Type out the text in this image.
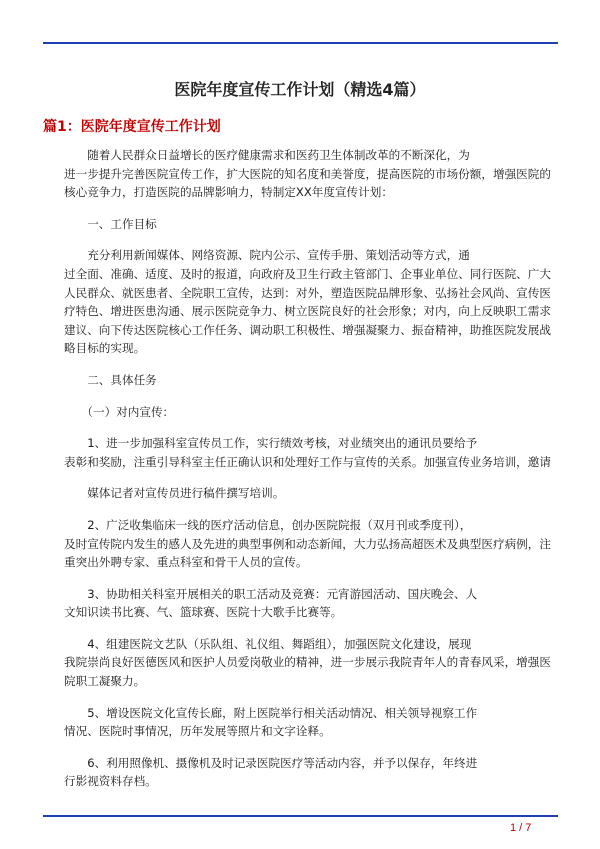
医院年度宣传工作计划（精选4篇）
篇1：医院年度宣传工作计划

　　随着人民群众日益增长的医疗健康需求和医药卫生体制改革的不断深化，为
进一步提升完善医院宣传工作，扩大医院的知名度和美誉度，提高医院的市场份额，增强医院的
核心竞争力，打造医院的品牌影响力，特制定XX年度宣传计划：

　　一、工作目标

　　充分利用新闻媒体、网络资源、院内公示、宣传手册、策划活动等方式，通
过全面、准确、适度、及时的报道，向政府及卫生行政主管部门、企事业单位、同行医院、广大
人民群众、就医患者、全院职工宣传，达到：对外，塑造医院品牌形象、弘扬社会风尚、宣传医
疗特色、增进医患沟通、展示医院竞争力、树立医院良好的社会形象；对内，向上反映职工需求
建议、向下传达医院核心工作任务、调动职工积极性、增强凝聚力、振奋精神，助推医院发展战
略目标的实现。

　　二、具体任务

　　（一）对内宣传：

　　1、进一步加强科室宣传员工作，实行绩效考核，对业绩突出的通讯员要给予
表彰和奖励，注重引导科室主任正确认识和处理好工作与宣传的关系。加强宣传业务培训，邀请

　　媒体记者对宣传员进行稿件撰写培训。

　　2、广泛收集临床一线的医疗活动信息，创办医院院报（双月刊或季度刊），
及时宣传院内发生的感人及先进的典型事例和动态新闻，大力弘扬高超医术及典型医疗病例，注
重突出外聘专家、重点科室和骨干人员的宣传。

　　3、协助相关科室开展相关的职工活动及竞赛：元宵游园活动、国庆晚会、人
文知识读书比赛、气、篮球赛、医院十大歌手比赛等。

　　4、组建医院文艺队（乐队组、礼仪组、舞蹈组），加强医院文化建设，展现
我院崇尚良好医德医风和医护人员爱岗敬业的精神，进一步展示我院青年人的青春风采，增强医
院职工凝聚力。

　　5、增设医院文化宣传长廊，附上医院举行相关活动情况、相关领导视察工作
情况、医院时事情况，历年发展等照片和文字诠释。

　　6、利用照像机、摄像机及时记录医院医疗等活动内容，并予以保存，年终进
行影视资料存档。

1 / 7
